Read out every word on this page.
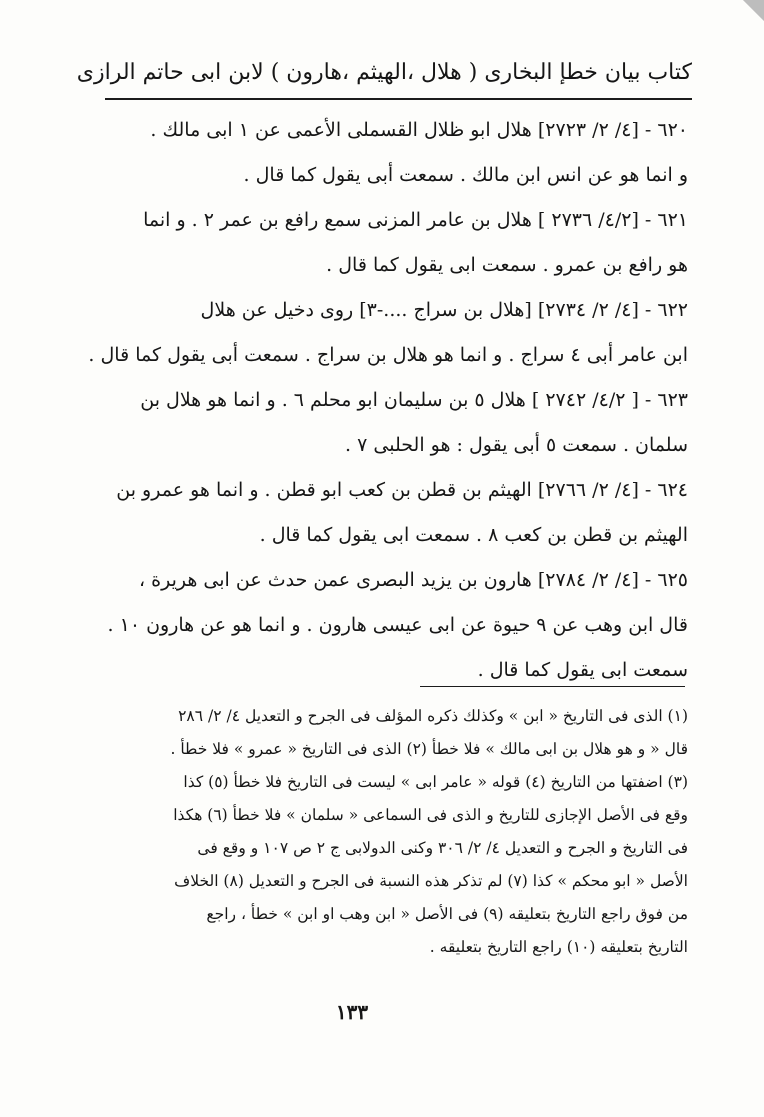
كتاب بيان خطإ البخارى ( هلال ،الهيثم ،هارون ) لابن ابى حاتم الرازى
٦٢٠ - [٤/ ٢/ ٢٧٢٣] هلال ابو ظلال القسملى الأعمى عن ١ ابى مالك .
و انما هو عن انس ابن مالك . سمعت أبى يقول كما قال .
٦٢١ - [٤/٢/ ٢٧٣٦ ] هلال بن عامر المزنى سمع رافع بن عمر ٢ . و انما
هو رافع بن عمرو . سمعت ابى يقول كما قال .
٦٢٢ - [٤/ ٢/ ٢٧٣٤] [هلال بن سراج ....-٣] روى دخيل عن هلال
ابن عامر أبى ٤ سراج . و انما هو هلال بن سراج . سمعت أبى يقول كما قال .
٦٢٣ - [ ٤/٢/ ٢٧٤٢ ] هلال ٥ بن سليمان ابو محلم ٦ . و انما هو هلال بن
سلمان . سمعت ٥ أبى يقول : هو الحلبى ٧ .
٦٢٤ - [٤/ ٢/ ٢٧٦٦] الهيثم بن قطن بن كعب ابو قطن . و انما هو عمرو بن
الهيثم بن قطن بن كعب ٨ . سمعت ابى يقول كما قال .
٦٢٥ - [٤/ ٢/ ٢٧٨٤] هارون بن يزيد البصرى عمن حدث عن ابى هريرة ،
قال ابن وهب عن ٩ حيوة عن ابى عيسى هارون . و انما هو عن هارون ١٠ .
سمعت ابى يقول كما قال .
(١) الذى فى التاريخ « ابن » وكذلك ذكره المؤلف فى الجرح و التعديل ٤/ ٢/ ٢٨٦
قال « و هو هلال بن ابى مالك » فلا خطأ (٢) الذى فى التاريخ « عمرو » فلا خطأ .
(٣) اضفتها من التاريخ (٤) قوله « عامر ابى » ليست فى التاريخ فلا خطأ (٥) كذا
وقع فى الأصل الإجازى للتاريخ و الذى فى السماعى « سلمان » فلا خطأ (٦) هكذا
فى التاريخ و الجرح و التعديل ٤/ ٢/ ٣٠٦ وكنى الدولابى ج ٢ ص ١٠٧ و وقع فى
الأصل « ابو محكم » كذا (٧) لم تذكر هذه النسبة فى الجرح و التعديل (٨) الخلاف
من فوق راجع التاريخ بتعليقه (٩) فى الأصل « ابن وهب او ابن » خطأ ، راجع
التاريخ بتعليقه (١٠) راجع التاريخ بتعليقه .
١٣٣
